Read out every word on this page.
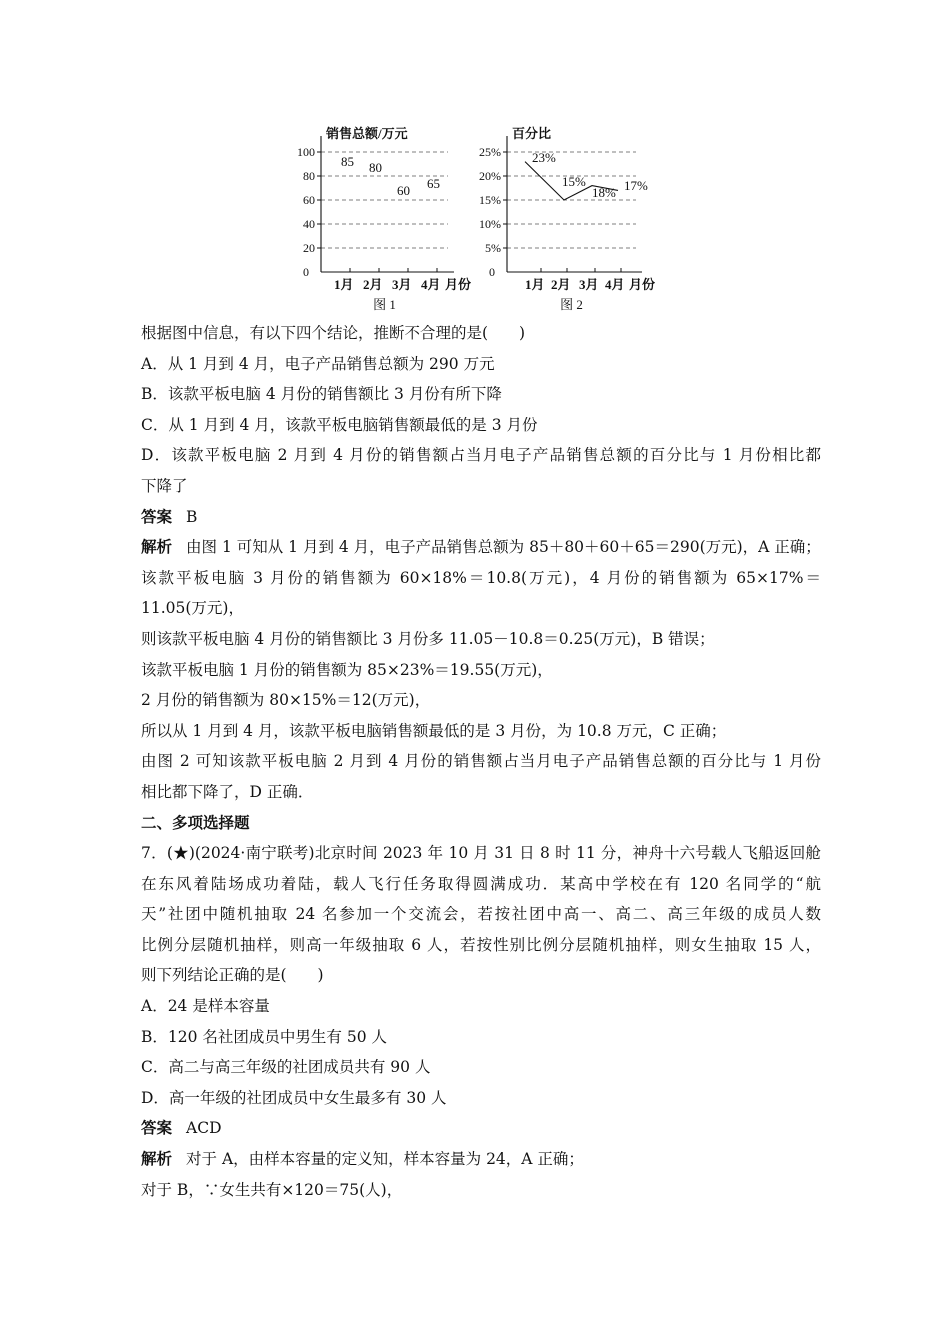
0
20
40
60
80
100
销售总额/万元
1月 2月 3月 4月 月份
图 1
85 80
60 65
0
5%
10%
15%
20%
25%
百分比
1月 2月 3月 4月 月份
图 2
23%
15%
18% 17%
根据图中信息，有以下四个结论，推断不合理的是(　　)
A．从 1 月到 4 月，电子产品销售总额为 290 万元
B．该款平板电脑 4 月份的销售额比 3 月份有所下降
C．从 1 月到 4 月，该款平板电脑销售额最低的是 3 月份
D．该款平板电脑 2 月到 4 月份的销售额占当月电子产品销售总额的百分比与 1 月份相比都
下降了
答案 B
解析 由图 1 可知从 1 月到 4 月，电子产品销售总额为 85＋80＋60＋65＝290(万元)，A 正确；
该款平板电脑 3 月份的销售额为 60×18%＝10.8(万元)，4 月份的销售额为 65×17%＝
11.05(万元)，
则该款平板电脑 4 月份的销售额比 3 月份多 11.05－10.8＝0.25(万元)，B 错误；
该款平板电脑 1 月份的销售额为 85×23%＝19.55(万元)，
2 月份的销售额为 80×15%＝12(万元)，
所以从 1 月到 4 月，该款平板电脑销售额最低的是 3 月份，为 10.8 万元，C 正确；
由图 2 可知该款平板电脑 2 月到 4 月份的销售额占当月电子产品销售总额的百分比与 1 月份
相比都下降了，D 正确．
二、多项选择题
7．(★)(2024·南宁联考)北京时间 2023 年 10 月 31 日 8 时 11 分，神舟十六号载人飞船返回舱
在东风着陆场成功着陆，载人飞行任务取得圆满成功．某高中学校在有 120 名同学的“航
天”社团中随机抽取 24 名参加一个交流会，若按社团中高一、高二、高三年级的成员人数
比例分层随机抽样，则高一年级抽取 6 人，若按性别比例分层随机抽样，则女生抽取 15 人，
则下列结论正确的是(　　)
A．24 是样本容量
B．120 名社团成员中男生有 50 人
C．高二与高三年级的社团成员共有 90 人
D．高一年级的社团成员中女生最多有 30 人
答案 ACD
解析 对于 A，由样本容量的定义知，样本容量为 24，A 正确；
对于 B，∵女生共有×120＝75(人)，
